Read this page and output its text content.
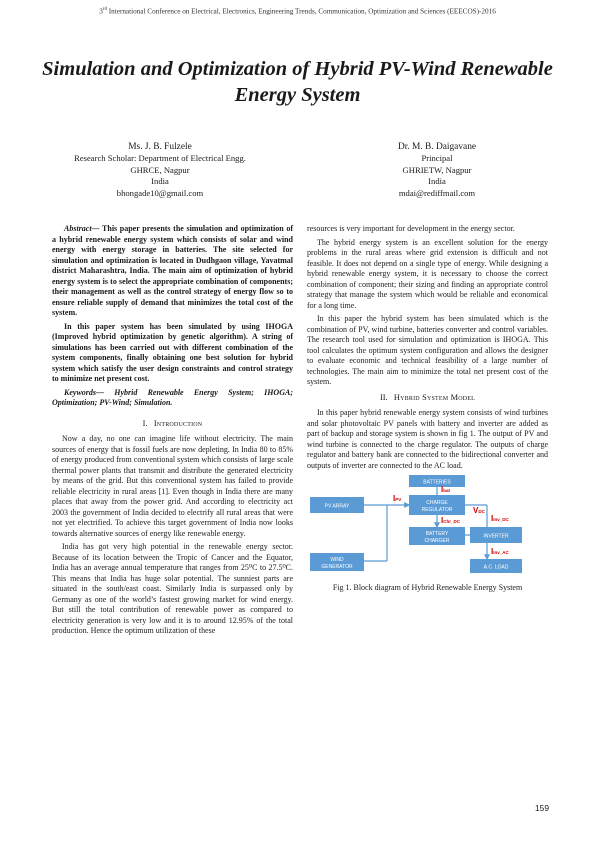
3rd International Conference on Electrical, Electronics, Engineering Trends, Communication, Optimization and Sciences (EEECOS)-2016
Simulation and Optimization of Hybrid PV-Wind Renewable Energy System
Ms. J. B. Fulzele
Research Scholar: Department of Electrical Engg.
GHRCE, Nagpur
India
bhongade10@gmail.com
Dr. M. B. Daigavane
Principal
GHRIETW, Nagpur
India
mdai@rediffmail.com

Abstract— This paper presents the simulation and optimization of a hybrid renewable energy system which consists of solar and wind energy with energy storage in batteries. The site selected for simulation and optimization is located in Dudhgaon village, Yavatmal district Maharashtra, India. The main aim of optimization of hybrid energy system is to select the appropriate combination of components; their management as well as the control strategy of energy flow so to ensure reliable supply of demand that minimizes the total cost of the system.

In this paper system has been simulated by using IHOGA (Improved hybrid optimization by genetic algorithm). A string of simulations has been carried out with different combination of the system components, finally obtaining one best solution for hybrid system which satisfy the user design constraints and control strategy to minimize net present cost.

Keywords— Hybrid Renewable Energy System; IHOGA; Optimization; PV-Wind; Simulation.

I. Introduction

Now a day, no one can imagine life without electricity. The main sources of energy that is fossil fuels are now depleting. In India 80 to 85% of energy produced from conventional system which consists of large scale thermal power plants that transmit and distribute the generated electricity by means of the grid. But this conventional system has failed to provide reliable electricity in rural areas [1]. Even though in India there are many places that away from the power grid. And according to electricity act 2003 the government of India decided to electrify all rural areas that were not yet electrified. To achieve this target government of India now looks towards alternative sources of energy like renewable energy.

India has got very high potential in the renewable energy sector. Because of its location between the Tropic of Cancer and the Equator, India has an average annual temperature that ranges from 25⁰C to 27.5⁰C. This means that India has huge solar potential. The sunniest parts are situated in the south/east coast. Similarly India is surpassed only by Germany as one of the world’s fastest growing market for wind energy. But still the total contribution of renewable power as compared to electricity generation is very low and it is to around 12.95% of the total production. Hence the optimum utilization of these

resources is very important for development in the energy sector.

The hybrid energy system is an excellent solution for the energy problems in the rural areas where grid extension is difficult and not feasible. It does not depend on a single type of energy. While designing a hybrid renewable energy system, it is necessary to choose the correct combination of component; their sizing and finding an appropriate control strategy that manage the system which would be reliable and economical for a long time.

In this paper the hybrid system has been simulated which is the combination of PV, wind turbine, batteries converter and control variables. The research tool used for simulation and optimization is IHOGA. This tool calculates the optimum system configuration and allows the designer to evaluate economic and technical feasibility of a large number of technologies. The main aim to minimize the total net present cost of the system.

II. Hybrid System Model

In this paper hybrid renewable energy system consists of wind turbines and solar photovoltaic PV panels with battery and inverter are added as part of backup and storage system is shown in fig 1. The output of PV and wind turbine is connected to the charge regulator. The outputs of charge regulator and battery bank are connected to the bidirectional converter and outputs of inverter are connected to the AC load.

BATTERIES
PV ARRAY
CHARGE
REGULATOR
BATTERY
CHARGER
INVERTER
WIND
GENERATOR	A.C. LOAD
IPV
Ibat
IChr_DC
VDC
IInv_DC
IInv_AC
Fig 1. Block diagram of Hybrid Renewable Energy System
159
